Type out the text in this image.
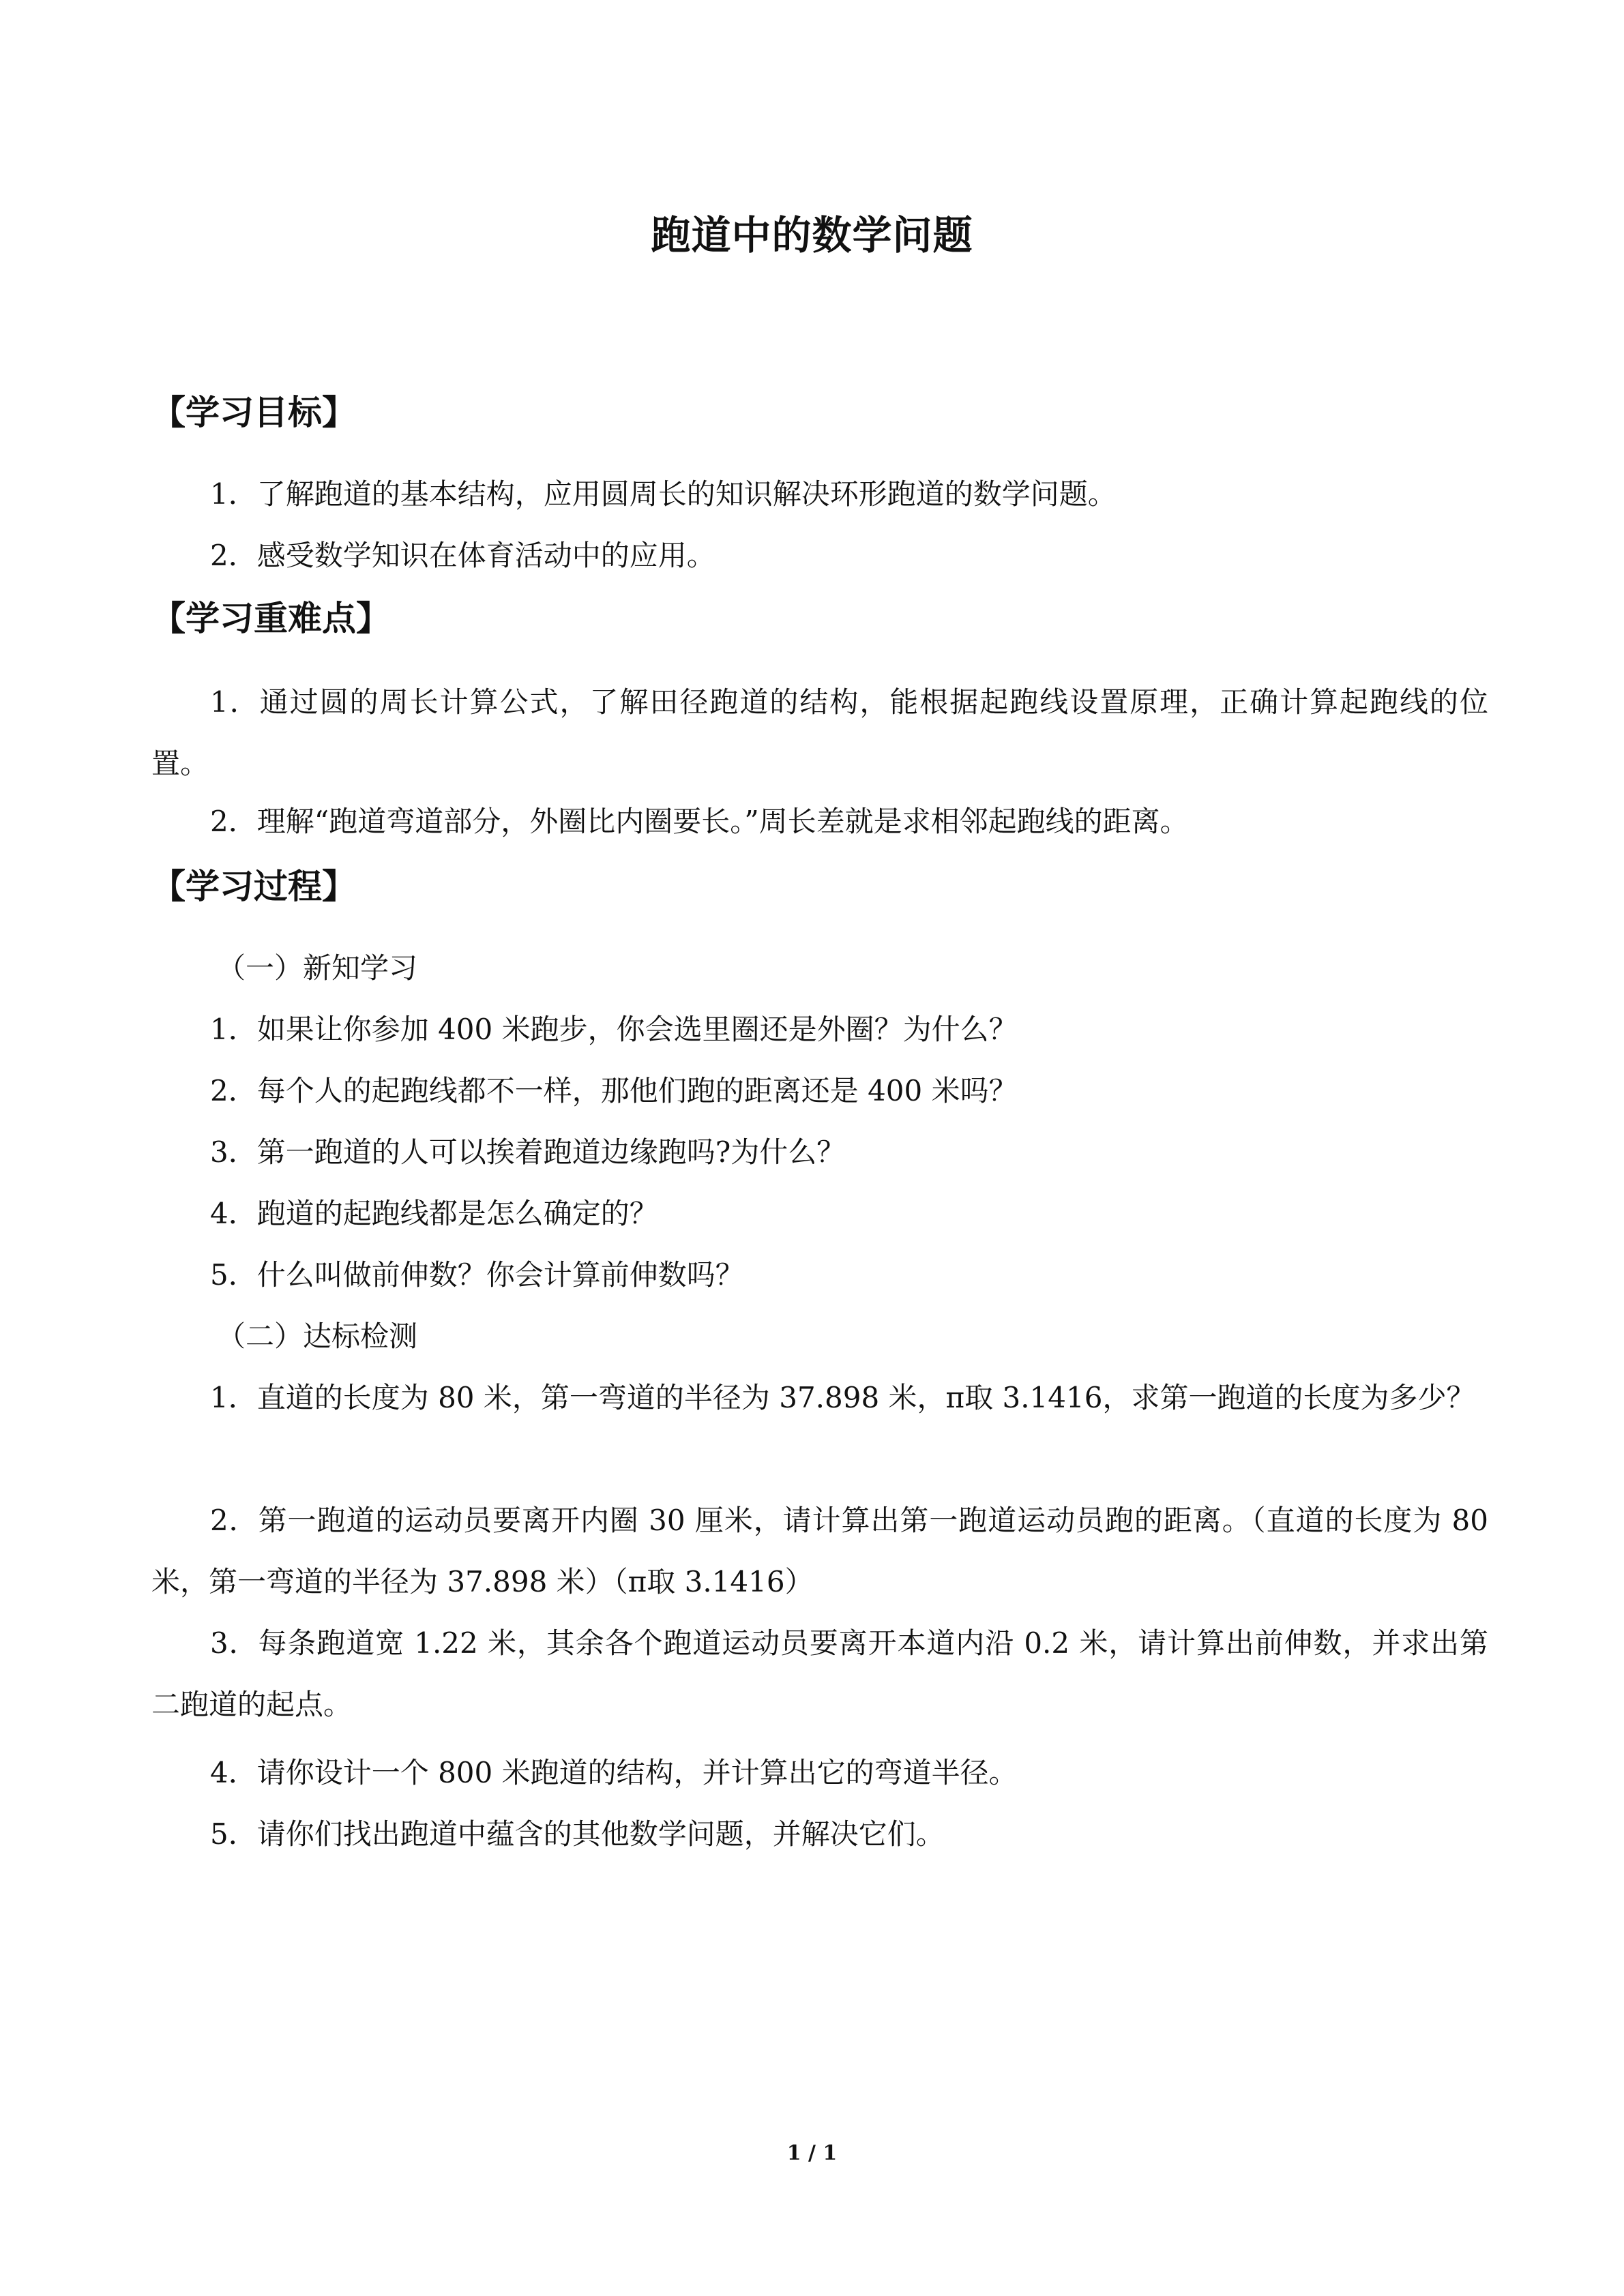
跑道中的数学问题
【学习目标】
1．了解跑道的基本结构，应用圆周长的知识解决环形跑道的数学问题。
2．感受数学知识在体育活动中的应用。
【学习重难点】
1．通过圆的周长计算公式，了解田径跑道的结构，能根据起跑线设置原理，正确计算起跑线的位置。
2．理解“跑道弯道部分，外圈比内圈要长。”周长差就是求相邻起跑线的距离。
【学习过程】
（一）新知学习
1．如果让你参加 400 米跑步，你会选里圈还是外圈？为什么？
2．每个人的起跑线都不一样，那他们跑的距离还是 400 米吗？
3．第一跑道的人可以挨着跑道边缘跑吗?为什么？
4．跑道的起跑线都是怎么确定的？
5．什么叫做前伸数？你会计算前伸数吗？
（二）达标检测
1．直道的长度为 80 米，第一弯道的半径为 37.898 米，π取 3.1416，求第一跑道的长度为多少？
2．第一跑道的运动员要离开内圈 30 厘米，请计算出第一跑道运动员跑的距离。（直道的长度为 80 米，第一弯道的半径为 37.898 米）（π取 3.1416）
3．每条跑道宽 1.22 米，其余各个跑道运动员要离开本道内沿 0.2 米，请计算出前伸数，并求出第二跑道的起点。
4．请你设计一个 800 米跑道的结构，并计算出它的弯道半径。
5．请你们找出跑道中蕴含的其他数学问题，并解决它们。
1 / 1
